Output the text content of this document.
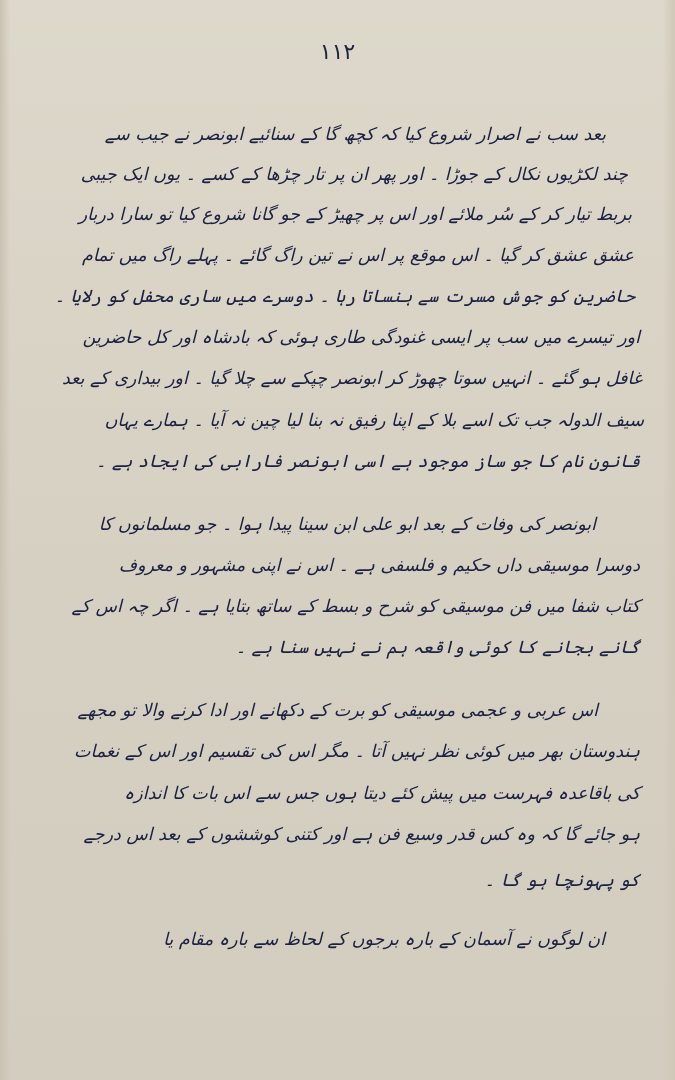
۱۱۲
بعد سب نے اصرار شروع کیا کہ کچھ گا کے سنائیے ابونصر نے جیب سے
چند لکڑیوں نکال کے جوڑا ۔ اور پھر ان پر تار چڑھا کے کسے ۔ یوں ایک جیبی
بربط تیار کر کے سُر ملائے اور اس پر چھیڑ کے جو گانا شروع کیا تو سارا دربار
عشق عشق کر گیا ۔ اس موقع پر اس نے تین راگ گائے ۔ پہلے راگ میں تمام
حاضرین کو جوش مسرت سے ہنساتا رہا ۔ دوسرے میں ساری محفل کو رلایا ۔
اور تیسرے میں سب پر ایسی غنودگی طاری ہوئی کہ بادشاہ اور کل حاضرین
غافل ہو گئے ۔ انہیں سوتا چھوڑ کر ابونصر چپکے سے چلا گیا ۔ اور بیداری کے بعد
سیف الدولہ جب تک اسے بلا کے اپنا رفیق نہ بنا لیا چین نہ آیا ۔ ہمارے یہاں
قانون نام کا جو ساز موجود ہے اسی ابونصر فارابی کی ایجاد ہے ۔
ابونصر کی وفات کے بعد ابو علی ابن سینا پیدا ہوا ۔ جو مسلمانوں کا
دوسرا موسیقی داں حکیم و فلسفی ہے ۔ اس نے اپنی مشہور و معروف
کتاب شفا میں فن موسیقی کو شرح و بسط کے ساتھ بتایا ہے ۔ اگر چہ اس کے
گانے بجانے کا کوئی واقعہ ہم نے نہیں سنا ہے ۔
اس عربی و عجمی موسیقی کو برت کے دکھانے اور ادا کرنے والا تو مجھے
ہندوستان بھر میں کوئی نظر نہیں آتا ۔ مگر اس کی تقسیم اور اس کے نغمات
کی باقاعدہ فہرست میں پیش کئے دیتا ہوں جس سے اس بات کا اندازہ
ہو جائے گا کہ وہ کس قدر وسیع فن ہے اور کتنی کوششوں کے بعد اس درجے
کو پہونچا ہو گا ۔
ان لوگوں نے آسمان کے بارہ برجوں کے لحاظ سے بارہ مقام یا
